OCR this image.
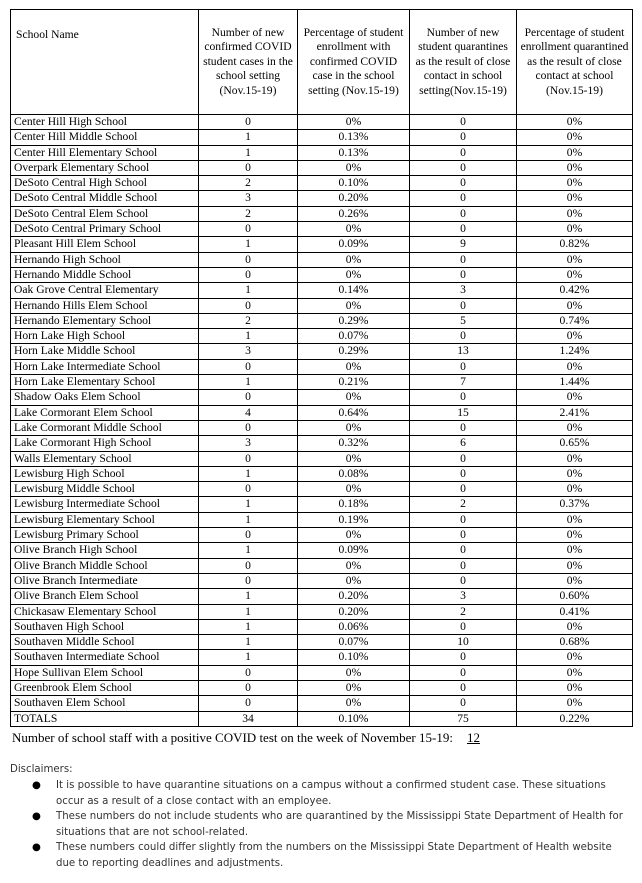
School Name	Number of new confirmed COVID student cases in the school setting (Nov.15-19)	Percentage of student enrollment with confirmed COVID case in the school setting (Nov.15-19)	Number of new student quarantines as the result of close contact in school setting(Nov.15-19)	Percentage of student enrollment quarantined as the result of close contact at school (Nov.15-19)
Center Hill High School	0	0%	0	0%
Center Hill Middle School	1	0.13%	0	0%
Center Hill Elementary School	1	0.13%	0	0%
Overpark Elementary School	0	0%	0	0%
DeSoto Central High School	2	0.10%	0	0%
DeSoto Central Middle School	3	0.20%	0	0%
DeSoto Central Elem School	2	0.26%	0	0%
DeSoto Central Primary School	0	0%	0	0%
Pleasant Hill Elem School	1	0.09%	9	0.82%
Hernando High School	0	0%	0	0%
Hernando Middle School	0	0%	0	0%
Oak Grove Central Elementary	1	0.14%	3	0.42%
Hernando Hills Elem School	0	0%	0	0%
Hernando Elementary School	2	0.29%	5	0.74%
Horn Lake High School	1	0.07%	0	0%
Horn Lake Middle School	3	0.29%	13	1.24%
Horn Lake Intermediate School	0	0%	0	0%
Horn Lake Elementary School	1	0.21%	7	1.44%
Shadow Oaks Elem School	0	0%	0	0%
Lake Cormorant Elem School	4	0.64%	15	2.41%
Lake Cormorant Middle School	0	0%	0	0%
Lake Cormorant High School	3	0.32%	6	0.65%
Walls Elementary School	0	0%	0	0%
Lewisburg High School	1	0.08%	0	0%
Lewisburg Middle School	0	0%	0	0%
Lewisburg Intermediate School	1	0.18%	2	0.37%
Lewisburg Elementary School	1	0.19%	0	0%
Lewisburg Primary School	0	0%	0	0%
Olive Branch High School	1	0.09%	0	0%
Olive Branch Middle School	0	0%	0	0%
Olive Branch Intermediate	0	0%	0	0%
Olive Branch Elem School	1	0.20%	3	0.60%
Chickasaw Elementary School	1	0.20%	2	0.41%
Southaven High School	1	0.06%	0	0%
Southaven Middle School	1	0.07%	10	0.68%
Southaven Intermediate School	1	0.10%	0	0%
Hope Sullivan Elem School	0	0%	0	0%
Greenbrook Elem School	0	0%	0	0%
Southaven Elem School	0	0%	0	0%
TOTALS	34	0.10%	75	0.22%
Number of school staff with a positive COVID test on the week of November 15-19: 12
Disclaimers:
● It is possible to have quarantine situations on a campus without a confirmed student case. These situations occur as a result of a close contact with an employee.
● These numbers do not include students who are quarantined by the Mississippi State Department of Health for situations that are not school-related.
● These numbers could differ slightly from the numbers on the Mississippi State Department of Health website due to reporting deadlines and adjustments.
